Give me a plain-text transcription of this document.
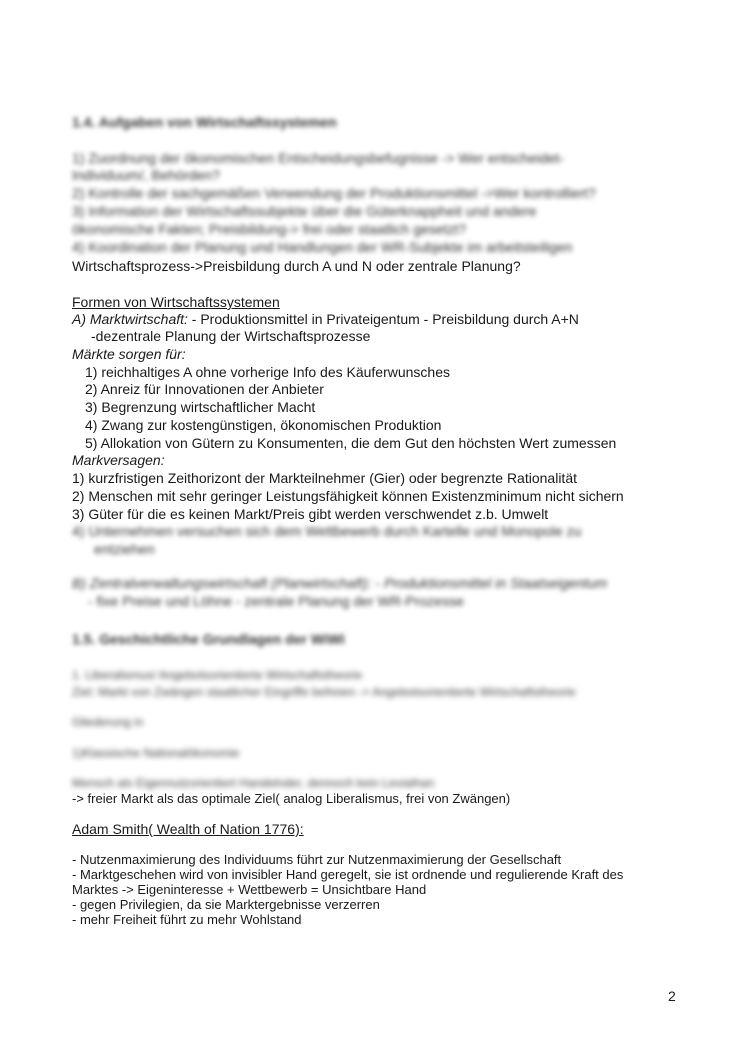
1.4. Aufgaben von Wirtschaftssystemen
1) Zuordnung der ökonomischen Entscheidungsbefugnisse -> Wer entscheidet-
Individuum/, Behörden?
2) Kontrolle der sachgemäßen Verwendung der Produktionsmittel ->Wer kontrolliert?
3) Information der Wirtschaftssubjekte über die Güterknappheit und andere
ökonomische Fakten; Preisbildung-> frei oder staatlich gesetzt?
4) Koordination der Planung und Handlungen der WR-Subjekte im arbeitsteiligen
Wirtschaftsprozess->Preisbildung durch A und N oder zentrale Planung?
Formen von Wirtschaftssystemen
A) Marktwirtschaft: - Produktionsmittel in Privateigentum - Preisbildung durch A+N
-dezentrale Planung der Wirtschaftsprozesse
Märkte sorgen für:
1) reichhaltiges A ohne vorherige Info des Käuferwunsches
2) Anreiz für Innovationen der Anbieter
3) Begrenzung wirtschaftlicher Macht
4) Zwang zur kostengünstigen, ökonomischen Produktion
5) Allokation von Gütern zu Konsumenten, die dem Gut den höchsten Wert zumessen
Markversagen:
1) kurzfristigen Zeithorizont der Markteilnehmer (Gier) oder begrenzte Rationalität
2) Menschen mit sehr geringer Leistungsfähigkeit können Existenzminimum nicht sichern
3) Güter für die es keinen Markt/Preis gibt werden verschwendet z.b. Umwelt
4) Unternehmen versuchen sich dem Wettbewerb durch Kartelle und Monopole zu
entziehen
B) Zentralverwaltungswirtschaft (Planwirtschaft): - Produktionsmittel in Staatseigentum
- fixe Preise und Löhne - zentrale Planung der WR-Prozesse
1.5. Geschichtliche Grundlagen der WiWi
1. Liberalismus/ Angebotsorientierte Wirtschaftstheorie
Ziel: Markt von Zwängen staatlicher Eingriffe befreien -> Angebotsorientierte Wirtschaftstheorie
Gliederung in
1)Klassische Nationalökonomie
Mensch als Eigennutzorientiert Handelnder, dennoch kein Leviathan
-> freier Markt als das optimale Ziel( analog Liberalismus, frei von Zwängen)
Adam Smith( Wealth of Nation 1776):
- Nutzenmaximierung des Individuums führt zur Nutzenmaximierung der Gesellschaft
- Marktgeschehen wird von invisibler Hand geregelt, sie ist ordnende und regulierende Kraft des
Marktes -> Eigeninteresse + Wettbewerb = Unsichtbare Hand
- gegen Privilegien, da sie Marktergebnisse verzerren
- mehr Freiheit führt zu mehr Wohlstand
2
